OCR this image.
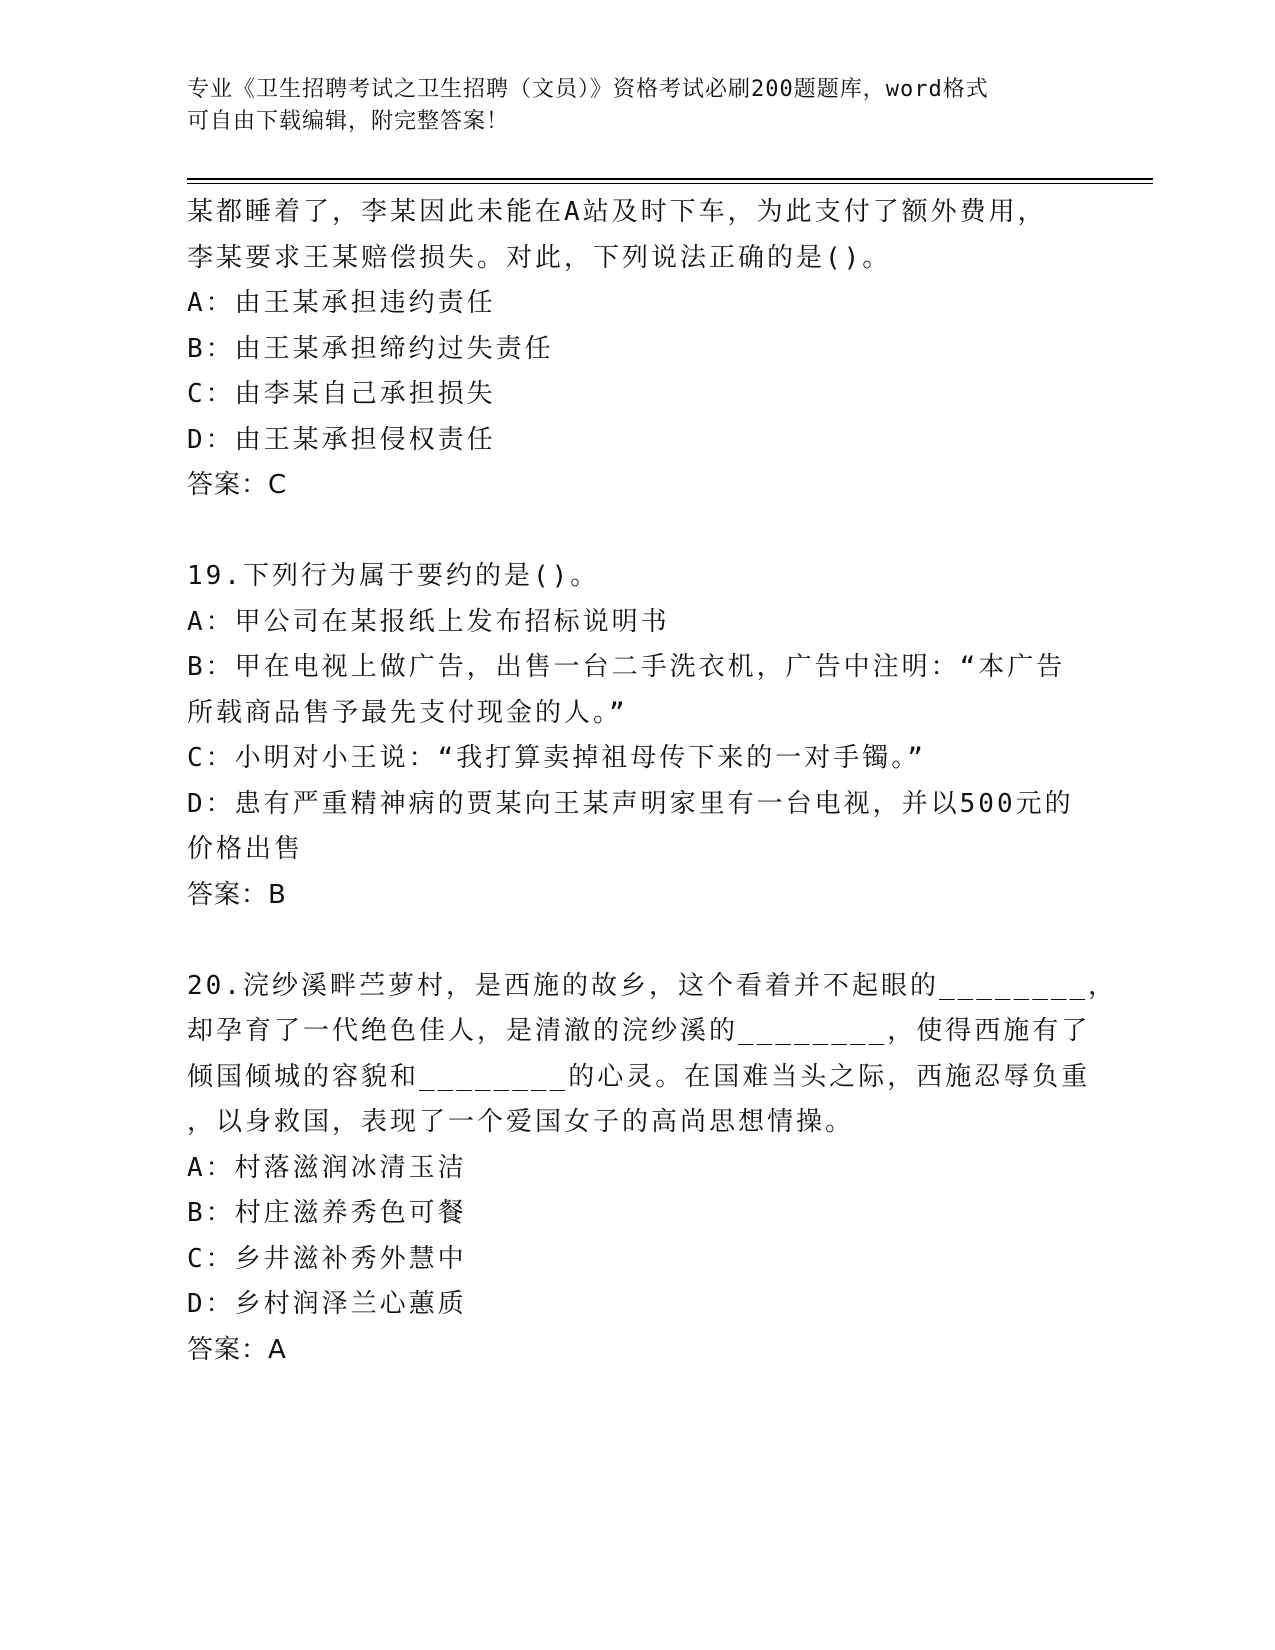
专业《卫生招聘考试之卫生招聘（文员）》资格考试必刷200题题库，word格式
可自由下载编辑，附完整答案！
某都睡着了，李某因此未能在A站及时下车，为此支付了额外费用，
李某要求王某赔偿损失。对此，下列说法正确的是()。
A：由王某承担违约责任
B：由王某承担缔约过失责任
C：由李某自己承担损失
D：由王某承担侵权责任
答案：C
19.下列行为属于要约的是()。
A：甲公司在某报纸上发布招标说明书
B：甲在电视上做广告，出售一台二手洗衣机，广告中注明：“本广告
所载商品售予最先支付现金的人。”
C：小明对小王说：“我打算卖掉祖母传下来的一对手镯。”
D：患有严重精神病的贾某向王某声明家里有一台电视，并以500元的
价格出售
答案：B
20.浣纱溪畔苎萝村，是西施的故乡，这个看着并不起眼的________，
却孕育了一代绝色佳人，是清澈的浣纱溪的________，使得西施有了
倾国倾城的容貌和________的心灵。在国难当头之际，西施忍辱负重
，以身救国，表现了一个爱国女子的高尚思想情操。
A：村落滋润冰清玉洁
B：村庄滋养秀色可餐
C：乡井滋补秀外慧中
D：乡村润泽兰心蕙质
答案：A
